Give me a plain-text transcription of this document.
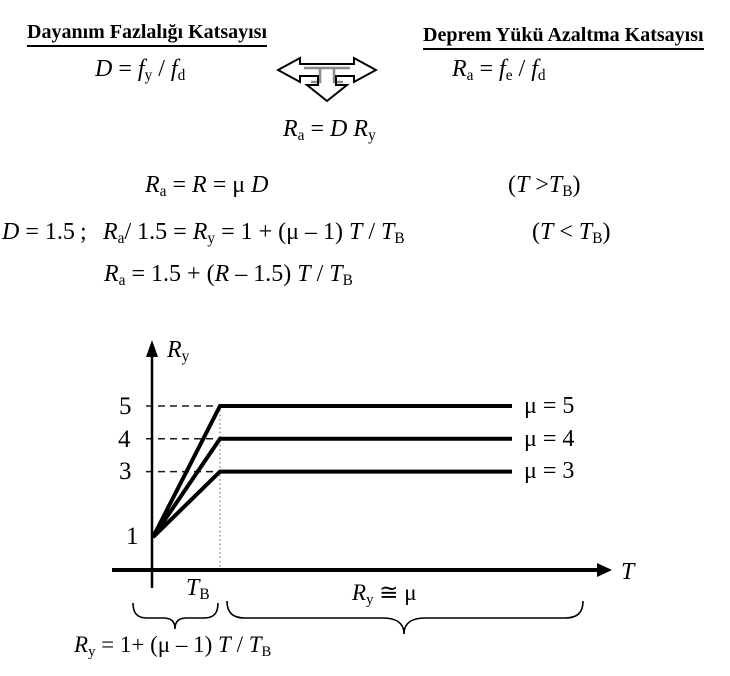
Dayanım Fazlalığı Katsayısı	Deprem Yükü Azaltma Katsayısı
D = fy / fd	Ra = fe / fd
Ra = D Ry
Ra = R = μ D	(T >TB)
D = 1.5 ; Ra/ 1.5 = Ry = 1 + (μ – 1) T / TB	(T < TB)
Ra = 1.5 + (R – 1.5) T / TB
Ry
5
4
3
1
μ = 5
μ = 4
μ = 3
TB
T
Ry ≅ μ
Ry = 1+ (μ – 1) T / TB
